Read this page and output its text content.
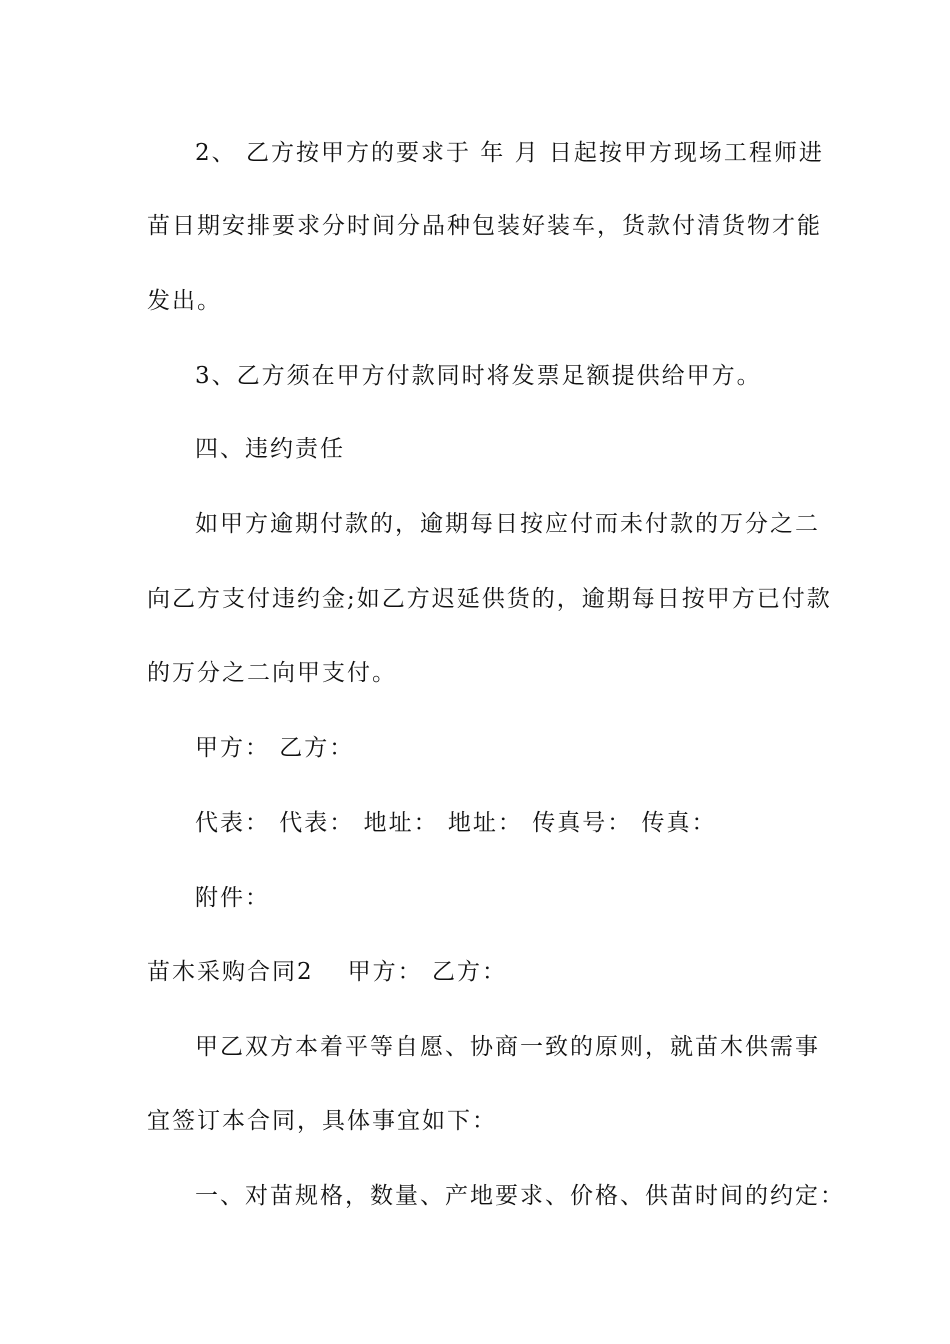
2、 乙方按甲方的要求于 年 月 日起按甲方现场工程师进
苗日期安排要求分时间分品种包装好装车，货款付清货物才能
发出。
3、乙方须在甲方付款同时将发票足额提供给甲方。
四、违约责任
如甲方逾期付款的，逾期每日按应付而未付款的万分之二
向乙方支付违约金;如乙方迟延供货的，逾期每日按甲方已付款
的万分之二向甲支付。
甲方： 乙方：
代表： 代表： 地址： 地址： 传真号： 传真：
附件：
苗木采购合同2 甲方： 乙方：
甲乙双方本着平等自愿、协商一致的原则，就苗木供需事
宜签订本合同，具体事宜如下：
一、对苗规格，数量、产地要求、价格、供苗时间的约定：
